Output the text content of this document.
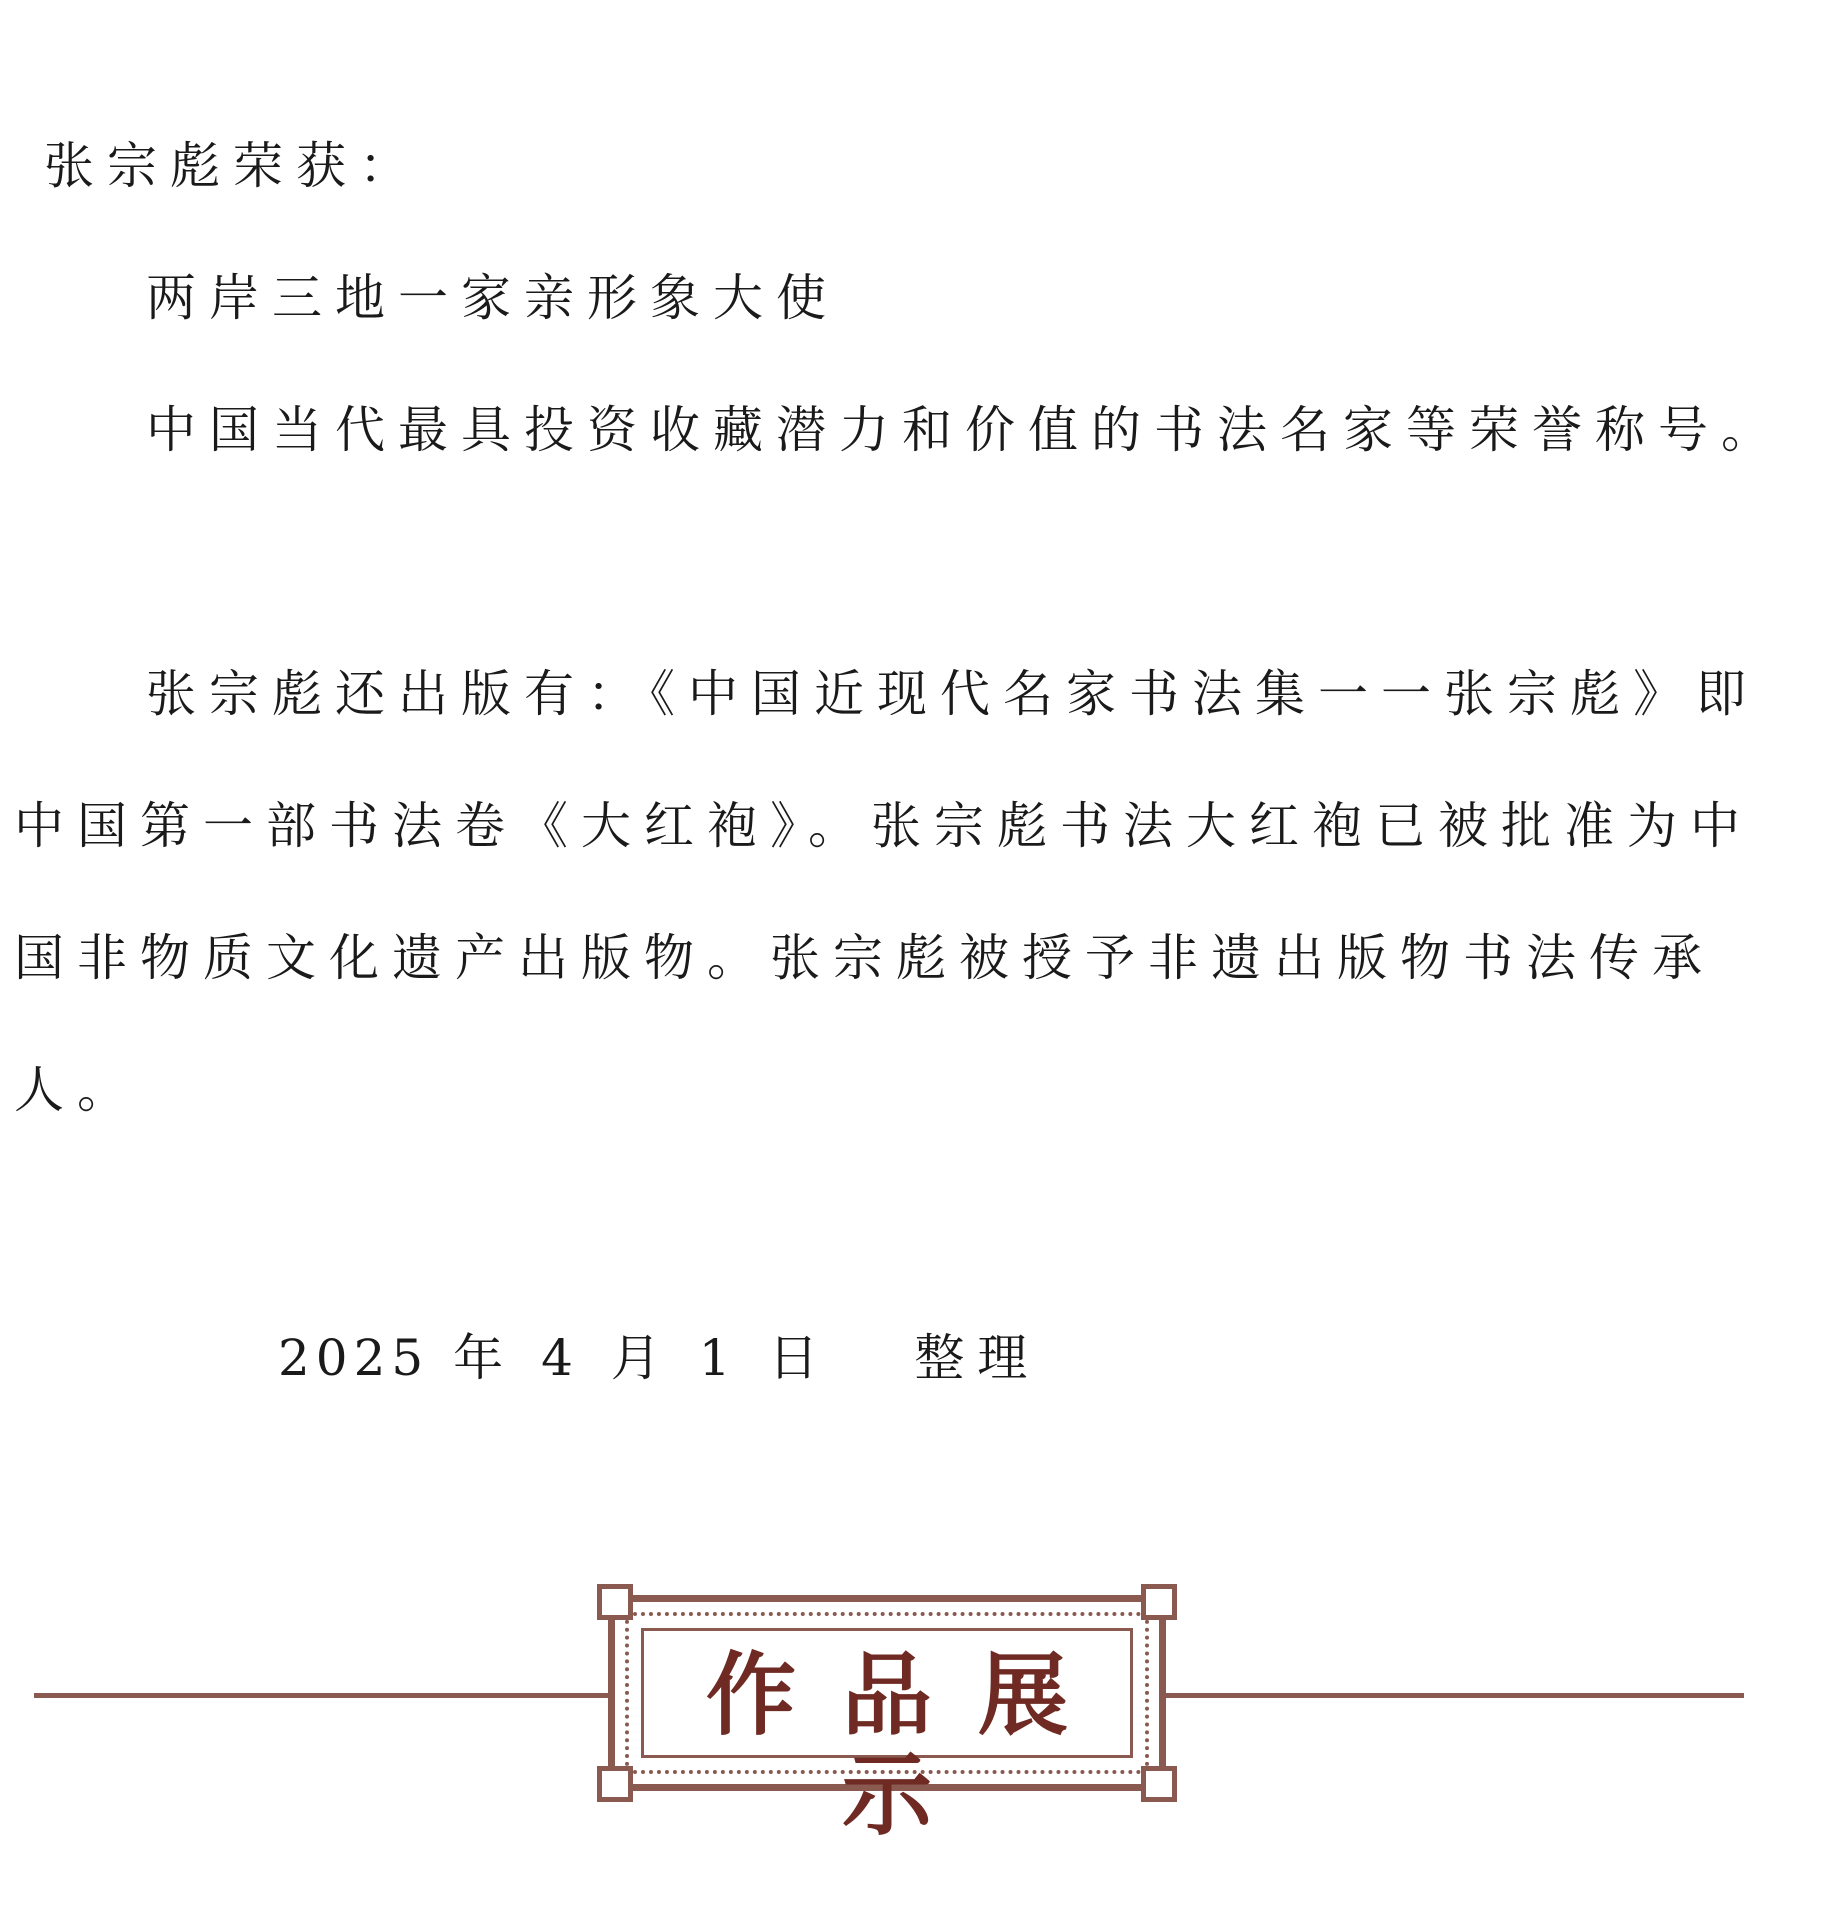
张宗彪荣获：
两岸三地一家亲形象大使
中国当代最具投资收藏潜力和价值的书法名家等荣誉称号。
张宗彪还出版有：《中国近现代名家书法集一一张宗彪》即
中国第一部书法卷《大红袍》。张宗彪书法大红袍已被批准为中
国非物质文化遗产出版物。张宗彪被授予非遗出版物书法传承
人。
2025 年 4 月 1 日 整理
作品展示
